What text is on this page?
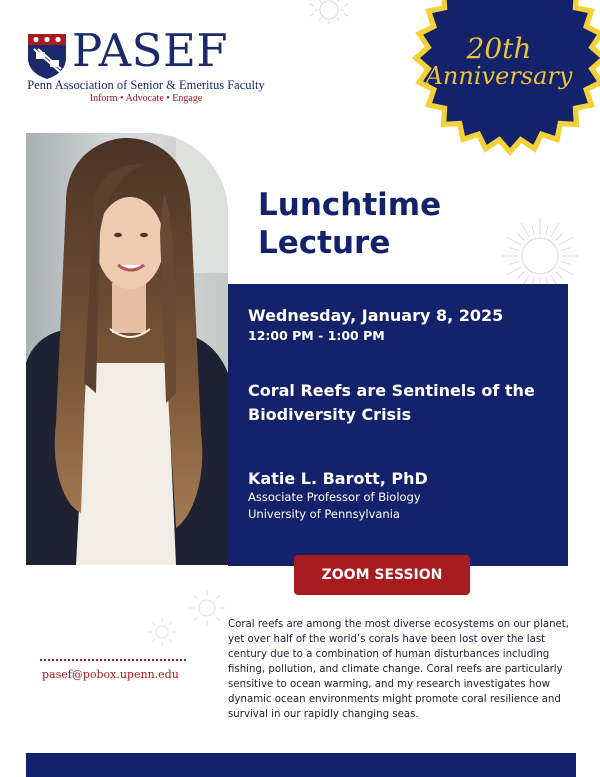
PASEF
Penn Association of Senior & Emeritus Faculty
Inform • Advocate • Engage
20th
Anniversary
Lunchtime
Lecture
Wednesday, January 8, 2025
12:00 PM - 1:00 PM
Coral Reefs are Sentinels of the Biodiversity Crisis
Katie L. Barott, PhD
Associate Professor of Biology
University of Pennsylvania
ZOOM SESSION
pasef@pobox.upenn.edu

Coral reefs are among the most diverse ecosystems on our planet, yet over half of the world’s corals have been lost over the last century due to a combination of human disturbances including fishing, pollution, and climate change. Coral reefs are particularly sensitive to ocean warming, and my research investigates how dynamic ocean environments might promote coral resilience and survival in our rapidly changing seas.
